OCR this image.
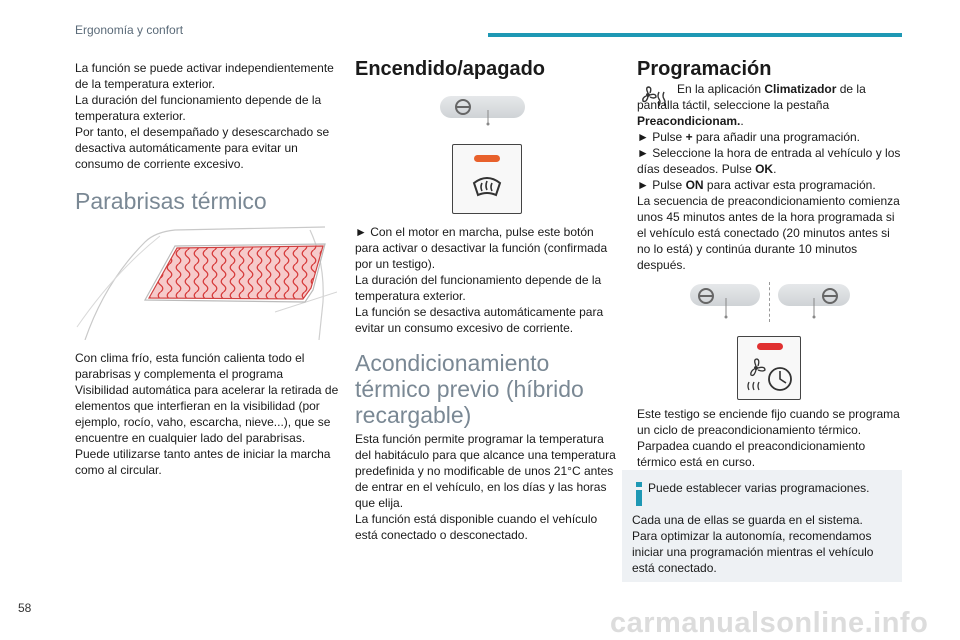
Ergonomía y confort

La función se puede activar independientemente de la temperatura exterior.

La duración del funcionamiento depende de la temperatura exterior.

Por tanto, el desempañado y desescarchado se desactiva automáticamente para evitar un consumo de corriente excesivo.

Parabrisas térmico

Con clima frío, esta función calienta todo el parabrisas y complementa el programa Visibilidad automática para acelerar la retirada de elementos que interfieran en la visibilidad (por ejemplo, rocío, vaho, escarcha, nieve...), que se encuentre en cualquier lado del parabrisas.

Puede utilizarse tanto antes de iniciar la marcha como al circular.

Encendido/apagado

► Con el motor en marcha, pulse este botón para activar o desactivar la función (confirmada por un testigo).

La duración del funcionamiento depende de la temperatura exterior.

La función se desactiva automáticamente para evitar un consumo excesivo de corriente.

Acondicionamiento térmico previo (híbrido recargable)

Esta función permite programar la temperatura del habitáculo para que alcance una temperatura predefinida y no modificable de unos 21°C antes de entrar en el vehículo, en los días y las horas que elija.

La función está disponible cuando el vehículo está conectado o desconectado.

Programación

En la aplicación Climatizador de la pantalla táctil, seleccione la pestaña Preacondicionam..

► Pulse + para añadir una programación.

► Seleccione la hora de entrada al vehículo y los días deseados. Pulse OK.

► Pulse ON para activar esta programación.

La secuencia de preacondicionamiento comienza unos 45 minutos antes de la hora programada si el vehículo está conectado (20 minutos antes si no lo está) y continúa durante 10 minutos después.

Este testigo se enciende fijo cuando se programa un ciclo de preacondicionamiento térmico. Parpadea cuando el preacondicionamiento térmico está en curso.
Puede establecer varias programaciones.

Cada una de ellas se guarda en el sistema.

Para optimizar la autonomía, recomendamos iniciar una programación mientras el vehículo está conectado.

58	carmanualsonline.info
